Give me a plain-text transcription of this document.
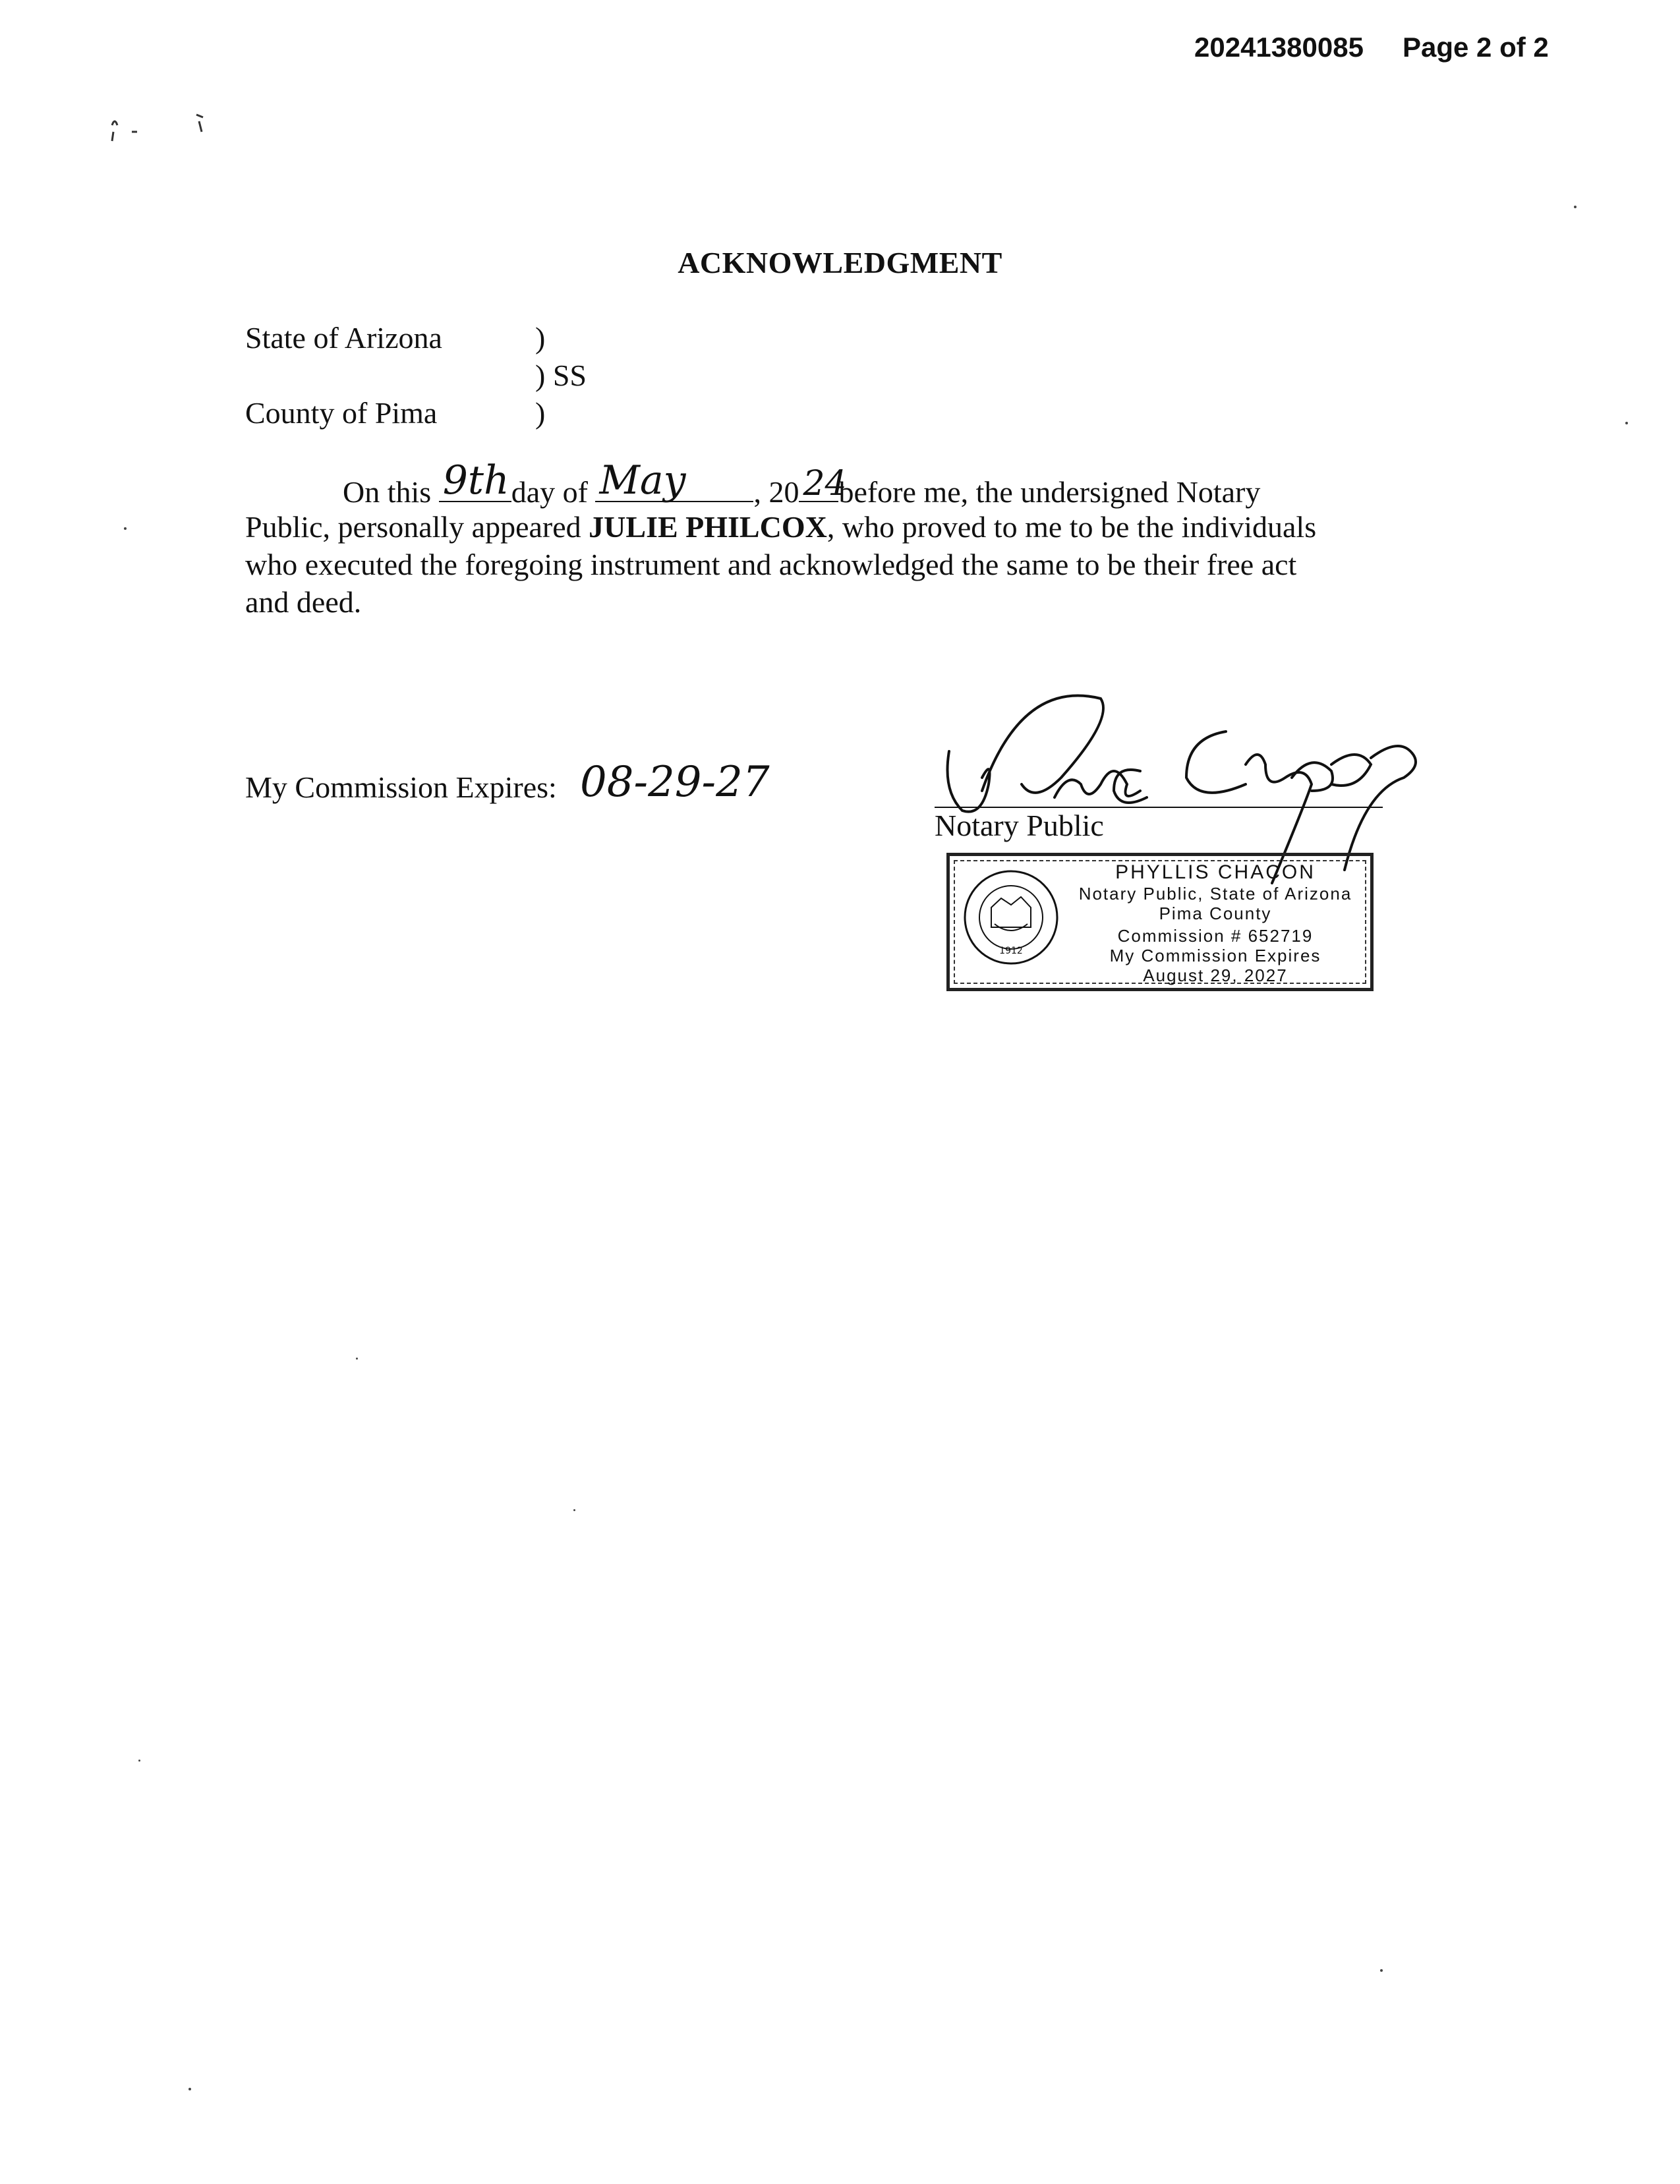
20241380085 Page 2 of 2
ACKNOWLEDGMENT
State of Arizona	)
) SS
County of Pima	)
On this 9th day of May , 20 24
before me, the undersigned Notary
Public, personally appeared JULIE PHILCOX, who proved to me to be the individuals
who executed the foregoing instrument and acknowledged the same to be their free act
and deed.
My Commission Expires: 08-29-27
Notary Public
1912
PHYLLIS CHACON
Notary Public, State of Arizona
Pima County
Commission # 652719
My Commission Expires
August 29, 2027
